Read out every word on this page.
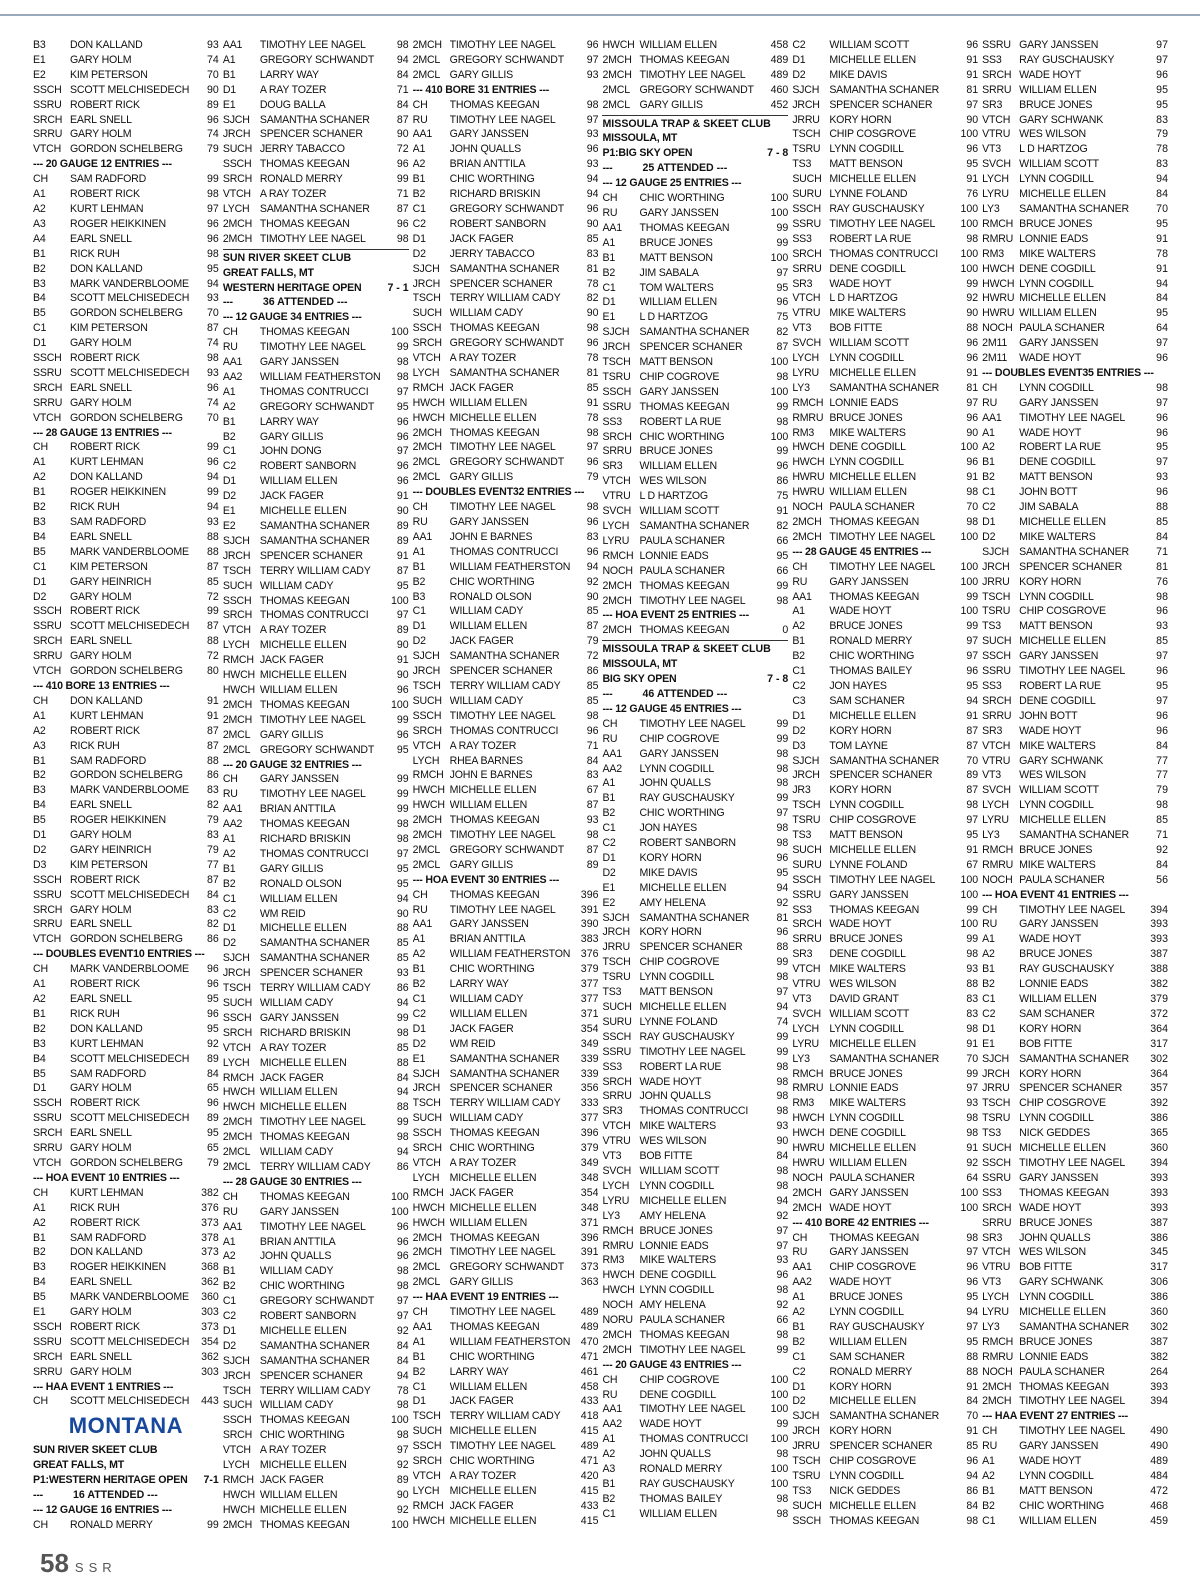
B3	DON KALLAND	93
E1	GARY HOLM	74
E2	KIM PETERSON	70
SSCH SCOTT MELCHISEDECH	90
SSRU ROBERT RICK	89
SRCH EARL SNELL	96
SRRU GARY HOLM	74
VTCH GORDON SCHELBERG	79
--- 20 GAUGE 12 ENTRIES ---
CH	SAM RADFORD	99
A1	ROBERT RICK	98
A2	KURT LEHMAN	97
A3	ROGER HEIKKINEN	96
A4	EARL SNELL	96
B1	RICK RUH	98
B2	DON KALLAND	95
B3	MARK VANDERBLOOME	94
B4	SCOTT MELCHISEDECH	93
B5	GORDON SCHELBERG	70
C1	KIM PETERSON	87
D1	GARY HOLM	74
SSCH ROBERT RICK	98
SSRU SCOTT MELCHISEDECH	93
SRCH EARL SNELL	96
SRRU GARY HOLM	74
VTCH GORDON SCHELBERG	70
--- 28 GAUGE 13 ENTRIES ---
CH	ROBERT RICK	99
A1	KURT LEHMAN	96
A2	DON KALLAND	94
B1	ROGER HEIKKINEN	99
B2	RICK RUH	94
B3	SAM RADFORD	93
B4	EARL SNELL	88
B5	MARK VANDERBLOOME	88
C1	KIM PETERSON	87
D1	GARY HEINRICH	85
D2	GARY HOLM	72
SSCH ROBERT RICK	99
SSRU SCOTT MELCHISEDECH	87
SRCH EARL SNELL	88
SRRU GARY HOLM	72
VTCH GORDON SCHELBERG	80
--- 410 BORE 13 ENTRIES ---
CH	DON KALLAND	91
A1	KURT LEHMAN	91
A2	ROBERT RICK	87
A3	RICK RUH	87
B1	SAM RADFORD	88
B2	GORDON SCHELBERG	86
B3	MARK VANDERBLOOME	83
B4	EARL SNELL	82
B5	ROGER HEIKKINEN	79
D1	GARY HOLM	83
D2	GARY HEINRICH	79
D3	KIM PETERSON	77
SSCH ROBERT RICK	87
SSRU SCOTT MELCHISEDECH	84
SRCH GARY HOLM	83
SRRU EARL SNELL	82
VTCH GORDON SCHELBERG	86
--- DOUBLES EVENT10 ENTRIES ---
CH	MARK VANDERBLOOME	96
A1	ROBERT RICK	96
A2	EARL SNELL	95
B1	RICK RUH	96
B2	DON KALLAND	95
B3	KURT LEHMAN	92
B4	SCOTT MELCHISEDECH	89
B5	SAM RADFORD	84
D1	GARY HOLM	65
SSCH ROBERT RICK	96
SSRU SCOTT MELCHISEDECH	89
SRCH EARL SNELL	95
SRRU GARY HOLM	65
VTCH GORDON SCHELBERG	79
--- HOA EVENT 10 ENTRIES ---
CH	KURT LEHMAN	382
A1	RICK RUH	376
A2	ROBERT RICK	373
B1	SAM RADFORD	378
B2	DON KALLAND	373
B3	ROGER HEIKKINEN	368
B4	EARL SNELL	362
B5	MARK VANDERBLOOME	360
E1	GARY HOLM	303
SSCH ROBERT RICK	373
SSRU SCOTT MELCHISEDECH	354
SRCH EARL SNELL	362
SRRU GARY HOLM	303
--- HAA EVENT 1 ENTRIES ---
CH	SCOTT MELCHISEDECH	443
MONTANA
SUN RIVER SKEET CLUB
GREAT FALLS, MT
P1:WESTERN HERITAGE OPEN	7-1
---	16 ATTENDED ---
--- 12 GAUGE 16 ENTRIES ---
CH	RONALD MERRY	99
AA1	TIMOTHY LEE NAGEL	98
A1	GREGORY SCHWANDT	94
B1	LARRY WAY	84
D1	A RAY TOZER	71
E1	DOUG BALLA	84
SJCH SAMANTHA SCHANER	87
JRCH SPENCER SCHANER	90
SUCH JERRY TABACCO	72
SSCH THOMAS KEEGAN	96
SRCH RONALD MERRY	99
VTCH A RAY TOZER	71
LYCH SAMANTHA SCHANER	87
2MCH THOMAS KEEGAN	96
2MCH TIMOTHY LEE NAGEL	98
SUN RIVER SKEET CLUB
GREAT FALLS, MT
WESTERN HERITAGE OPEN	7 - 1
---	36 ATTENDED ---
--- 12 GAUGE 34 ENTRIES ---
CH	THOMAS KEEGAN	100
RU	TIMOTHY LEE NAGEL	99
AA1	GARY JANSSEN	98
AA2	WILLIAM FEATHERSTON	98
A1	THOMAS CONTRUCCI	97
A2	GREGORY SCHWANDT	95
B1	LARRY WAY	96
B2	GARY GILLIS	96
C1	JOHN DONG	97
C2	ROBERT SANBORN	96
D1	WILLIAM ELLEN	96
D2	JACK FAGER	91
E1	MICHELLE ELLEN	90
E2	SAMANTHA SCHANER	89
SJCH SAMANTHA SCHANER	89
JRCH SPENCER SCHANER	91
TSCH TERRY WILLIAM CADY	87
SUCH WILLIAM CADY	95
SSCH THOMAS KEEGAN	100
SRCH THOMAS CONTRUCCI	97
VTCH A RAY TOZER	89
LYCH MICHELLE ELLEN	90
RMCH JACK FAGER	91
HWCH MICHELLE ELLEN	90
HWCH WILLIAM ELLEN	96
2MCH THOMAS KEEGAN	100
2MCH TIMOTHY LEE NAGEL	99
2MCL GARY GILLIS	96
2MCL GREGORY SCHWANDT	95
--- 20 GAUGE 32 ENTRIES ---
CH	GARY JANSSEN	99
RU	TIMOTHY LEE NAGEL	99
AA1	BRIAN ANTTILA	99
AA2	THOMAS KEEGAN	98
A1	RICHARD BRISKIN	98
A2	THOMAS CONTRUCCI	97
B1	GARY GILLIS	95
B2	RONALD OLSON	95
C1	WILLIAM ELLEN	94
C2	WM REID	90
D1	MICHELLE ELLEN	88
D2	SAMANTHA SCHANER	85
SJCH SAMANTHA SCHANER	85
JRCH SPENCER SCHANER	93
TSCH TERRY WILLIAM CADY	86
SUCH WILLIAM CADY	94
SSCH GARY JANSSEN	99
SRCH RICHARD BRISKIN	98
VTCH A RAY TOZER	85
LYCH MICHELLE ELLEN	88
RMCH JACK FAGER	84
HWCH WILLIAM ELLEN	94
HWCH MICHELLE ELLEN	88
2MCH TIMOTHY LEE NAGEL	99
2MCH THOMAS KEEGAN	98
2MCL WILLIAM CADY	94
2MCL TERRY WILLIAM CADY	86
--- 28 GAUGE 30 ENTRIES ---
CH	THOMAS KEEGAN	100
RU	GARY JANSSEN	100
AA1	TIMOTHY LEE NAGEL	96
A1	BRIAN ANTTILA	96
A2	JOHN QUALLS	96
B1	WILLIAM CADY	98
B2	CHIC WORTHING	98
C1	GREGORY SCHWANDT	97
C2	ROBERT SANBORN	97
D1	MICHELLE ELLEN	92
D2	SAMANTHA SCHANER	84
SJCH SAMANTHA SCHANER	84
JRCH SPENCER SCHANER	94
TSCH TERRY WILLIAM CADY	78
SUCH WILLIAM CADY	98
SSCH THOMAS KEEGAN	100
SRCH CHIC WORTHING	98
VTCH A RAY TOZER	97
LYCH MICHELLE ELLEN	92
RMCH JACK FAGER	89
HWCH WILLIAM ELLEN	90
HWCH MICHELLE ELLEN	92
2MCH THOMAS KEEGAN	100
2MCH TIMOTHY LEE NAGEL	96
2MCL GREGORY SCHWANDT	97
2MCL GARY GILLIS	93
--- 410 BORE 31 ENTRIES ---
CH	THOMAS KEEGAN	98
RU	TIMOTHY LEE NAGEL	97
AA1	GARY JANSSEN	93
A1	JOHN QUALLS	96
A2	BRIAN ANTTILA	93
B1	CHIC WORTHING	94
B2	RICHARD BRISKIN	94
C1	GREGORY SCHWANDT	96
C2	ROBERT SANBORN	90
D1	JACK FAGER	85
D2	JERRY TABACCO	83
SJCH SAMANTHA SCHANER	81
JRCH SPENCER SCHANER	78
TSCH TERRY WILLIAM CADY	82
SUCH WILLIAM CADY	90
SSCH THOMAS KEEGAN	98
SRCH GREGORY SCHWANDT	96
VTCH A RAY TOZER	78
LYCH SAMANTHA SCHANER	81
RMCH JACK FAGER	85
HWCH WILLIAM ELLEN	91
HWCH MICHELLE ELLEN	78
2MCH THOMAS KEEGAN	98
2MCH TIMOTHY LEE NAGEL	97
2MCL GREGORY SCHWANDT	96
2MCL GARY GILLIS	79
--- DOUBLES EVENT32 ENTRIES ---
CH	TIMOTHY LEE NAGEL	98
RU	GARY JANSSEN	96
AA1	JOHN E BARNES	83
A1	THOMAS CONTRUCCI	96
B1	WILLIAM FEATHERSTON	94
B2	CHIC WORTHING	92
B3	RONALD OLSON	90
C1	WILLIAM CADY	85
D1	WILLIAM ELLEN	87
D2	JACK FAGER	79
SJCH SAMANTHA SCHANER	72
JRCH SPENCER SCHANER	86
TSCH TERRY WILLIAM CADY	85
SUCH WILLIAM CADY	85
SSCH TIMOTHY LEE NAGEL	98
SRCH THOMAS CONTRUCCI	96
VTCH A RAY TOZER	71
LYCH RHEA BARNES	84
RMCH JOHN E BARNES	83
HWCH MICHELLE ELLEN	67
HWCH WILLIAM ELLEN	87
2MCH THOMAS KEEGAN	93
2MCH TIMOTHY LEE NAGEL	98
2MCL GREGORY SCHWANDT	87
2MCL GARY GILLIS	89
--- HOA EVENT 30 ENTRIES ---
CH	THOMAS KEEGAN	396
RU	TIMOTHY LEE NAGEL	391
AA1	GARY JANSSEN	390
A1	BRIAN ANTTILA	383
A2	WILLIAM FEATHERSTON 376
B1	CHIC WORTHING	379
B2	LARRY WAY	377
C1	WILLIAM CADY	377
C2	WILLIAM ELLEN	371
D1	JACK FAGER	354
D2	WM REID	349
E1	SAMANTHA SCHANER	339
SJCH SAMANTHA SCHANER	339
JRCH SPENCER SCHANER	356
TSCH TERRY WILLIAM CADY	333
SUCH WILLIAM CADY	377
SSCH THOMAS KEEGAN	396
SRCH CHIC WORTHING	379
VTCH A RAY TOZER	349
LYCH MICHELLE ELLEN	348
RMCH JACK FAGER	354
HWCH MICHELLE ELLEN	348
HWCH WILLIAM ELLEN	371
2MCH THOMAS KEEGAN	396
2MCH TIMOTHY LEE NAGEL	391
2MCL GREGORY SCHWANDT	373
2MCL GARY GILLIS	363
--- HAA EVENT 19 ENTRIES ---
CH	TIMOTHY LEE NAGEL	489
AA1	THOMAS KEEGAN	489
A1	WILLIAM FEATHERSTON 470
B1	CHIC WORTHING	471
B2	LARRY WAY	461
C1	WILLIAM ELLEN	458
D1	JACK FAGER	433
TSCH TERRY WILLIAM CADY	418
SUCH MICHELLE ELLEN	415
SSCH TIMOTHY LEE NAGEL	489
SRCH CHIC WORTHING	471
VTCH A RAY TOZER	420
LYCH MICHELLE ELLEN	415
RMCH JACK FAGER	433
HWCH MICHELLE ELLEN	415
HWCH WILLIAM ELLEN	458
2MCH THOMAS KEEGAN	489
2MCH TIMOTHY LEE NAGEL	489
2MCL GREGORY SCHWANDT	460
2MCL GARY GILLIS	452
MISSOULA TRAP & SKEET CLUB
MISSOULA, MT
P1:BIG SKY OPEN	7 - 8
---	25 ATTENDED ---
--- 12 GAUGE 25 ENTRIES ---
CH	CHIC WORTHING	100
RU	GARY JANSSEN	100
AA1	THOMAS KEEGAN	99
A1	BRUCE JONES	99
B1	MATT BENSON	100
B2	JIM SABALA	97
C1	TOM WALTERS	95
D1	WILLIAM ELLEN	96
E1	L D HARTZOG	75
SJCH SAMANTHA SCHANER	82
JRCH SPENCER SCHANER	87
TSCH MATT BENSON	100
TSRU CHIP COGROVE	98
SSCH GARY JANSSEN	100
SSRU THOMAS KEEGAN	99
SS3	ROBERT LA RUE	98
SRCH CHIC WORTHING	100
SRRU BRUCE JONES	99
SR3	WILLIAM ELLEN	96
VTCH WES WILSON	86
VTRU L D HARTZOG	75
SVCH WILLIAM SCOTT	91
LYCH SAMANTHA SCHANER	82
LYRU PAULA SCHANER	66
RMCH LONNIE EADS	95
NOCH PAULA SCHANER	66
2MCH THOMAS KEEGAN	99
2MCH TIMOTHY LEE NAGEL	98
--- HOA EVENT 25 ENTRIES ---
2MCH THOMAS KEEGAN	0
MISSOULA TRAP & SKEET CLUB
MISSOULA, MT
BIG SKY OPEN	7 - 8
---	46 ATTENDED ---
--- 12 GAUGE 45 ENTRIES ---
CH	TIMOTHY LEE NAGEL	99
RU	CHIP COGROVE	99
AA1	GARY JANSSEN	98
AA2	LYNN COGDILL	98
A1	JOHN QUALLS	98
B1	RAY GUSCHAUSKY	99
B2	CHIC WORTHING	97
C1	JON HAYES	98
C2	ROBERT SANBORN	98
D1	KORY HORN	96
D2	MIKE DAVIS	95
E1	MICHELLE ELLEN	94
E2	AMY HELENA	92
SJCH SAMANTHA SCHANER	81
JRCH KORY HORN	96
JRRU SPENCER SCHANER	88
TSCH CHIP COGROVE	99
TSRU LYNN COGDILL	98
TS3	MATT BENSON	97
SUCH MICHELLE ELLEN	94
SURU LYNNE FOLAND	74
SSCH RAY GUSCHAUSKY	99
SSRU TIMOTHY LEE NAGEL	99
SS3	ROBERT LA RUE	98
SRCH WADE HOYT	98
SRRU JOHN QUALLS	98
SR3	THOMAS CONTRUCCI	98
VTCH MIKE WALTERS	93
VTRU WES WILSON	90
VT3	BOB FITTE	84
SVCH WILLIAM SCOTT	98
LYCH LYNN COGDILL	98
LYRU MICHELLE ELLEN	94
LY3	AMY HELENA	92
RMCH BRUCE JONES	97
RMRU LONNIE EADS	97
RM3	MIKE WALTERS	93
HWCH DENE COGDILL	96
HWCH LYNN COGDILL	98
NOCH AMY HELENA	92
NORU PAULA SCHANER	66
2MCH THOMAS KEEGAN	98
2MCH TIMOTHY LEE NAGEL	99
--- 20 GAUGE 43 ENTRIES ---
CH	CHIP COGROVE	100
RU	DENE COGDILL	100
AA1	TIMOTHY LEE NAGEL	100
AA2	WADE HOYT	99
A1	THOMAS CONTRUCCI	100
A2	JOHN QUALLS	98
A3	RONALD MERRY	100
B1	RAY GUSCHAUSKY	100
B2	THOMAS BAILEY	98
C1	WILLIAM ELLEN	98
C2	WILLIAM SCOTT	96
D1	MICHELLE ELLEN	91
D2	MIKE DAVIS	91
SJCH SAMANTHA SCHANER	81
JRCH SPENCER SCHANER	97
JRRU KORY HORN	90
TSCH CHIP COSGROVE	100
TSRU LYNN COGDILL	96
TS3	MATT BENSON	95
SUCH MICHELLE ELLEN	91
SURU LYNNE FOLAND	76
SSCH RAY GUSCHAUSKY	100
SSRU TIMOTHY LEE NAGEL	100
SS3	ROBERT LA RUE	98
SRCH THOMAS CONTRUCCI	100
SRRU DENE COGDILL	100
SR3	WADE HOYT	99
VTCH L D HARTZOG	92
VTRU MIKE WALTERS	90
VT3	BOB FITTE	88
SVCH WILLIAM SCOTT	96
LYCH LYNN COGDILL	96
LYRU MICHELLE ELLEN	91
LY3	SAMANTHA SCHANER	81
RMCH LONNIE EADS	97
RMRU BRUCE JONES	96
RM3	MIKE WALTERS	90
HWCH DENE COGDILL	100
HWCH LYNN COGDILL	96
HWRU MICHELLE ELLEN	91
HWRU WILLIAM ELLEN	98
NOCH PAULA SCHANER	70
2MCH THOMAS KEEGAN	98
2MCH TIMOTHY LEE NAGEL	100
--- 28 GAUGE 45 ENTRIES ---
CH	TIMOTHY LEE NAGEL	100
RU	GARY JANSSEN	100
AA1	THOMAS KEEGAN	99
A1	WADE HOYT	100
A2	BRUCE JONES	99
B1	RONALD MERRY	97
B2	CHIC WORTHING	97
C1	THOMAS BAILEY	96
C2	JON HAYES	95
C3	SAM SCHANER	94
D1	MICHELLE ELLEN	91
D2	KORY HORN	87
D3	TOM LAYNE	87
SJCH SAMANTHA SCHANER	70
JRCH SPENCER SCHANER	89
JR3	KORY HORN	87
TSCH LYNN COGDILL	98
TSRU CHIP COSGROVE	97
TS3	MATT BENSON	95
SUCH MICHELLE ELLEN	91
SURU LYNNE FOLAND	67
SSCH TIMOTHY LEE NAGEL	100
SSRU GARY JANSSEN	100
SS3	THOMAS KEEGAN	99
SRCH WADE HOYT	100
SRRU BRUCE JONES	99
SR3	DENE COGDILL	98
VTCH MIKE WALTERS	93
VTRU WES WILSON	88
VT3	DAVID GRANT	83
SVCH WILLIAM SCOTT	83
LYCH LYNN COGDILL	98
LYRU MICHELLE ELLEN	91
LY3	SAMANTHA SCHANER	70
RMCH BRUCE JONES	99
RMRU LONNIE EADS	97
RM3	MIKE WALTERS	93
HWCH LYNN COGDILL	98
HWCH DENE COGDILL	98
HWRU MICHELLE ELLEN	91
HWRU WILLIAM ELLEN	92
NOCH PAULA SCHANER	64
2MCH GARY JANSSEN	100
2MCH WADE HOYT	100
--- 410 BORE 42 ENTRIES ---
CH	THOMAS KEEGAN	98
RU	GARY JANSSEN	97
AA1	CHIP COSGROVE	96
AA2	WADE HOYT	96
A1	BRUCE JONES	95
A2	LYNN COGDILL	94
B1	RAY GUSCHAUSKY	97
B2	WILLIAM ELLEN	95
C1	SAM SCHANER	88
C2	RONALD MERRY	88
D1	KORY HORN	91
D2	MICHELLE ELLEN	84
SJCH SAMANTHA SCHANER	70
JRCH KORY HORN	91
JRRU SPENCER SCHANER	85
TSCH CHIP COSGROVE	96
TSRU LYNN COGDILL	94
TS3	NICK GEDDES	86
SUCH MICHELLE ELLEN	84
SSCH THOMAS KEEGAN	98
SSRU GARY JANSSEN	97
SS3	RAY GUSCHAUSKY	97
SRCH WADE HOYT	96
SRRU WILLIAM ELLEN	95
SR3	BRUCE JONES	95
VTCH GARY SCHWANK	83
VTRU WES WILSON	79
VT3	L D HARTZOG	78
SVCH WILLIAM SCOTT	83
LYCH LYNN COGDILL	94
LYRU MICHELLE ELLEN	84
LY3	SAMANTHA SCHANER	70
RMCH BRUCE JONES	95
RMRU LONNIE EADS	91
RM3	MIKE WALTERS	78
HWCH DENE COGDILL	91
HWCH LYNN COGDILL	94
HWRU MICHELLE ELLEN	84
HWRU WILLIAM ELLEN	95
NOCH PAULA SCHANER	64
2M11	GARY JANSSEN	97
2M11	WADE HOYT	96
--- DOUBLES EVENT35 ENTRIES ---
CH	LYNN COGDILL	98
RU	GARY JANSSEN	97
AA1	TIMOTHY LEE NAGEL	96
A1	WADE HOYT	96
A2	ROBERT LA RUE	95
B1	DENE COGDILL	97
B2	MATT BENSON	93
C1	JOHN BOTT	96
C2	JIM SABALA	88
D1	MICHELLE ELLEN	85
D2	MIKE WALTERS	84
SJCH SAMANTHA SCHANER	71
JRCH SPENCER SCHANER	81
JRRU KORY HORN	76
TSCH LYNN COGDILL	98
TSRU CHIP COSGROVE	96
TS3	MATT BENSON	93
SUCH MICHELLE ELLEN	85
SSCH GARY JANSSEN	97
SSRU TIMOTHY LEE NAGEL	96
SS3	ROBERT LA RUE	95
SRCH DENE COGDILL	97
SRRU JOHN BOTT	96
SR3	WADE HOYT	96
VTCH MIKE WALTERS	84
VTRU GARY SCHWANK	77
VT3	WES WILSON	77
SVCH WILLIAM SCOTT	79
LYCH LYNN COGDILL	98
LYRU MICHELLE ELLEN	85
LY3	SAMANTHA SCHANER	71
RMCH BRUCE JONES	92
RMRU MIKE WALTERS	84
NOCH PAULA SCHANER	56
--- HOA EVENT 41 ENTRIES ---
CH	TIMOTHY LEE NAGEL	394
RU	GARY JANSSEN	393
A1	WADE HOYT	393
A2	BRUCE JONES	387
B1	RAY GUSCHAUSKY	388
B2	LONNIE EADS	382
C1	WILLIAM ELLEN	379
C2	SAM SCHANER	372
D1	KORY HORN	364
E1	BOB FITTE	317
SJCH SAMANTHA SCHANER	302
JRCH KORY HORN	364
JRRU SPENCER SCHANER	357
TSCH CHIP COSGROVE	392
TSRU LYNN COGDILL	386
TS3	NICK GEDDES	365
SUCH MICHELLE ELLEN	360
SSCH TIMOTHY LEE NAGEL	394
SSRU GARY JANSSEN	393
SS3	THOMAS KEEGAN	393
SRCH WADE HOYT	393
SRRU BRUCE JONES	387
SR3	JOHN QUALLS	386
VTCH WES WILSON	345
VTRU BOB FITTE	317
VT3	GARY SCHWANK	306
LYCH LYNN COGDILL	386
LYRU MICHELLE ELLEN	360
LY3	SAMANTHA SCHANER	302
RMCH BRUCE JONES	387
RMRU LONNIE EADS	382
NOCH PAULA SCHANER	264
2MCH THOMAS KEEGAN	393
2MCH TIMOTHY LEE NAGEL	394
--- HAA EVENT 27 ENTRIES ---
CH	TIMOTHY LEE NAGEL	490
RU	GARY JANSSEN	490
A1	WADE HOYT	489
A2	LYNN COGDILL	484
B1	MATT BENSON	472
B2	CHIC WORTHING	468
C1	WILLIAM ELLEN	459
58 SSR
